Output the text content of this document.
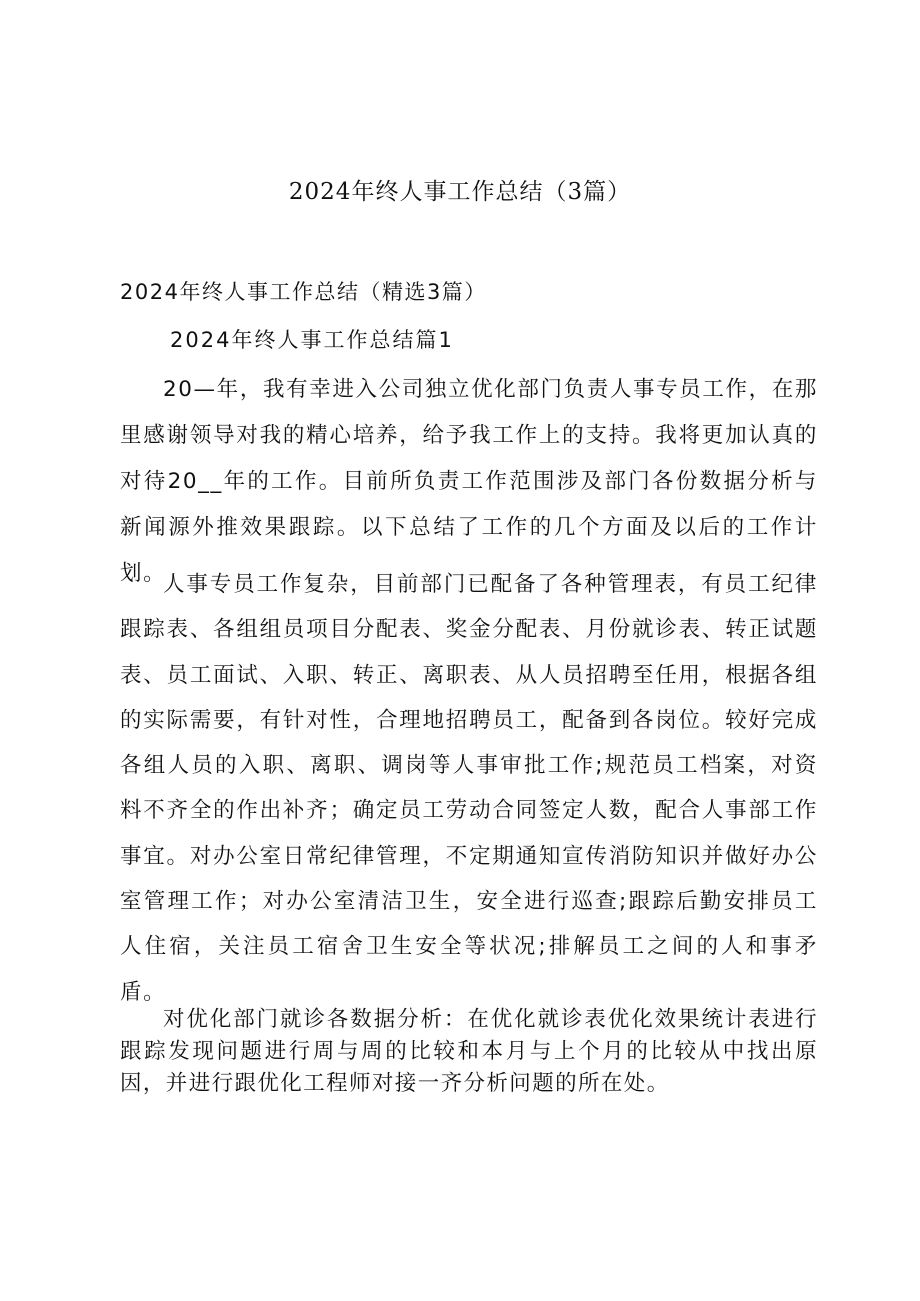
2024年终人事工作总结（3篇）
2024年终人事工作总结（精选3篇）
2024年终人事工作总结篇1

20—年，我有幸进入公司独立优化部门负责人事专员工作，在那里感谢领导对我的精心培养，给予我工作上的支持。我将更加认真的对待20__年的工作。目前所负责工作范围涉及部门各份数据分析与新闻源外推效果跟踪。以下总结了工作的几个方面及以后的工作计划。

人事专员工作复杂，目前部门已配备了各种管理表，有员工纪律跟踪表、各组组员项目分配表、奖金分配表、月份就诊表、转正试题表、员工面试、入职、转正、离职表、从人员招聘至任用，根据各组的实际需要，有针对性，合理地招聘员工，配备到各岗位。较好完成各组人员的入职、离职、调岗等人事审批工作;规范员工档案，对资料不齐全的作出补齐；确定员工劳动合同签定人数，配合人事部工作事宜。对办公室日常纪律管理，不定期通知宣传消防知识并做好办公室管理工作；对办公室清洁卫生，安全进行巡查;跟踪后勤安排员工人住宿，关注员工宿舍卫生安全等状况;排解员工之间的人和事矛盾。

对优化部门就诊各数据分析：在优化就诊表优化效果统计表进行跟踪发现问题进行周与周的比较和本月与上个月的比较从中找出原因，并进行跟优化工程师对接一齐分析问题的所在处。
